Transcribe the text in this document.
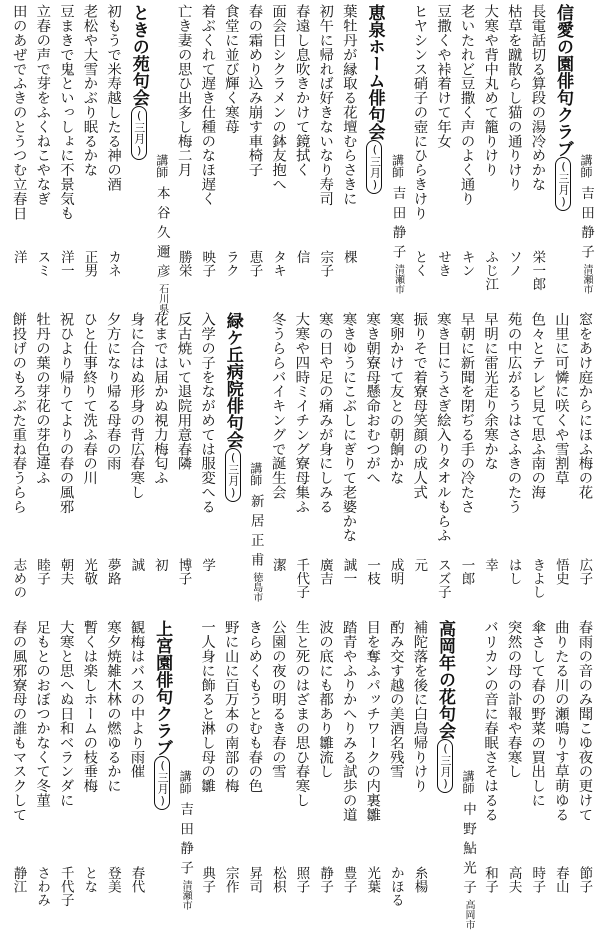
信愛の園俳句クラブ(三月) 講師吉田静子清瀬市
長電話切る算段の湯冷めかな
栄一郎
枯草を蹴散らし猫の通りけり
ソノ
大寒や背中丸めて籠りけり
ふじ江
老いたれど豆撒く声のよく通り
キン
豆撒くや裃着けて年女
せき
ヒヤシンス硝子の壺にひらきけり
とく
恵泉ホーム俳句会(三月) 講師吉田静子清瀬市
葉牡丹が縁取る花壇むらさきに
棵
初午に帰れば好きないなり寿司
宗子
春遠し息吹きかけて鏡拭く
信
面会日シクラメンの鉢友抱へ
タキ
春の霜めり込み崩す車椅子
恵子
食堂に並び輝く寒苺
ラク
着ぶくれて遅き仕種のなほ遅く
映子
亡き妻の思ひ出多し梅二月
勝栄
ときの苑句会(三月)
講師本谷久邇彦石川県
初もうで米寿越したる神の酒
カネ
老松や大雪かぶり眠るかな
正男
豆まきで鬼といっしょに不景気も
洋一
立春の声で芽をふくねこやなぎ
スミ
田のあぜでふきのとうつむ立春日
洋
窓をあけ庭からにほふ梅の花
広子
山里に可憐に咲くや雪割草
悟史
色々とテレビ見て思ふ南の海
きよし
苑の中広がるうはさふきのたう
はし
早明に雷光走り余寒かな
幸
早朝に新聞を閉ぢる手の冷たさ
一郎
寒き日にうさぎ絵入りタオルもらふ
スズ子
振りそで着寮母笑顔の成人式
元
寒卵かけて友との朝餉かな
成明
寒き朝寮母懸命おむつがへ
一枝
寒きゆうにこぶしにぎりて老婆かな
誠一
寒の日や足の痛みが身にしみる
廣吉
大寒や四時ミイチング寮母集ふ
千代子
冬うららバイキングで誕生会
潔
緑ケ丘病院俳句会(三月) 講師新居正甫徳島市
入学の子をながめては服変へる
学
反古焼いて退院用意春隣
博子
花までは届かぬ視力梅匂ふ
初
身に合はぬ形身の背広春寒し
誠
夕方になり帰る母春の雨
夢路
ひと仕事終りて洗ふ春の川
光敬
祝ひより帰りてよりの春の風邪
朝夫
牡丹の葉の芽花の芽色違ふ
睦子
餅投げのもろぶた重ね春うらら
志めの
春雨の音のみ聞こゆ夜の更けて
節子
曲りたる川の瀬鳴りす草萌ゆる
春山
傘さして春の野菜の買出しに
時子
突然の母の訃報や春寒し
高夫
バリカンの音に春眠さそはるる
和子
高岡年の花句会(三月) 講師中野鮎光子高岡市
補陀落を後に白鳥帰りけり
糸楊
酌み交す越の美酒名残雪
かほる
目を奪ふパッチワークの内裏雛
光葉
踏青やふりかへりみる試歩の道
豊子
波の底にも都あり雛流し
静子
生と死のはざまの思ひ春寒し
照子
公園の夜の明るき春の雪
松枳
きらめくもうとむも春の色
昇司
野に山に百万本の南部の梅
宗作
一人身に飾ると淋し母の雛
典子
上宮園俳句クラブ(三月) 講師吉田静子清瀬市
観梅はバスの中より雨催
春代
寒夕焼雑木林の燃ゆるかに
登美
暫くは楽しホームの枝垂梅
とな
大寒と思へぬ日和ベランダに
千代子
足もとのおぼつかなくて冬菫
さわみ
春の風邪寮母の誰もマスクして
静江
